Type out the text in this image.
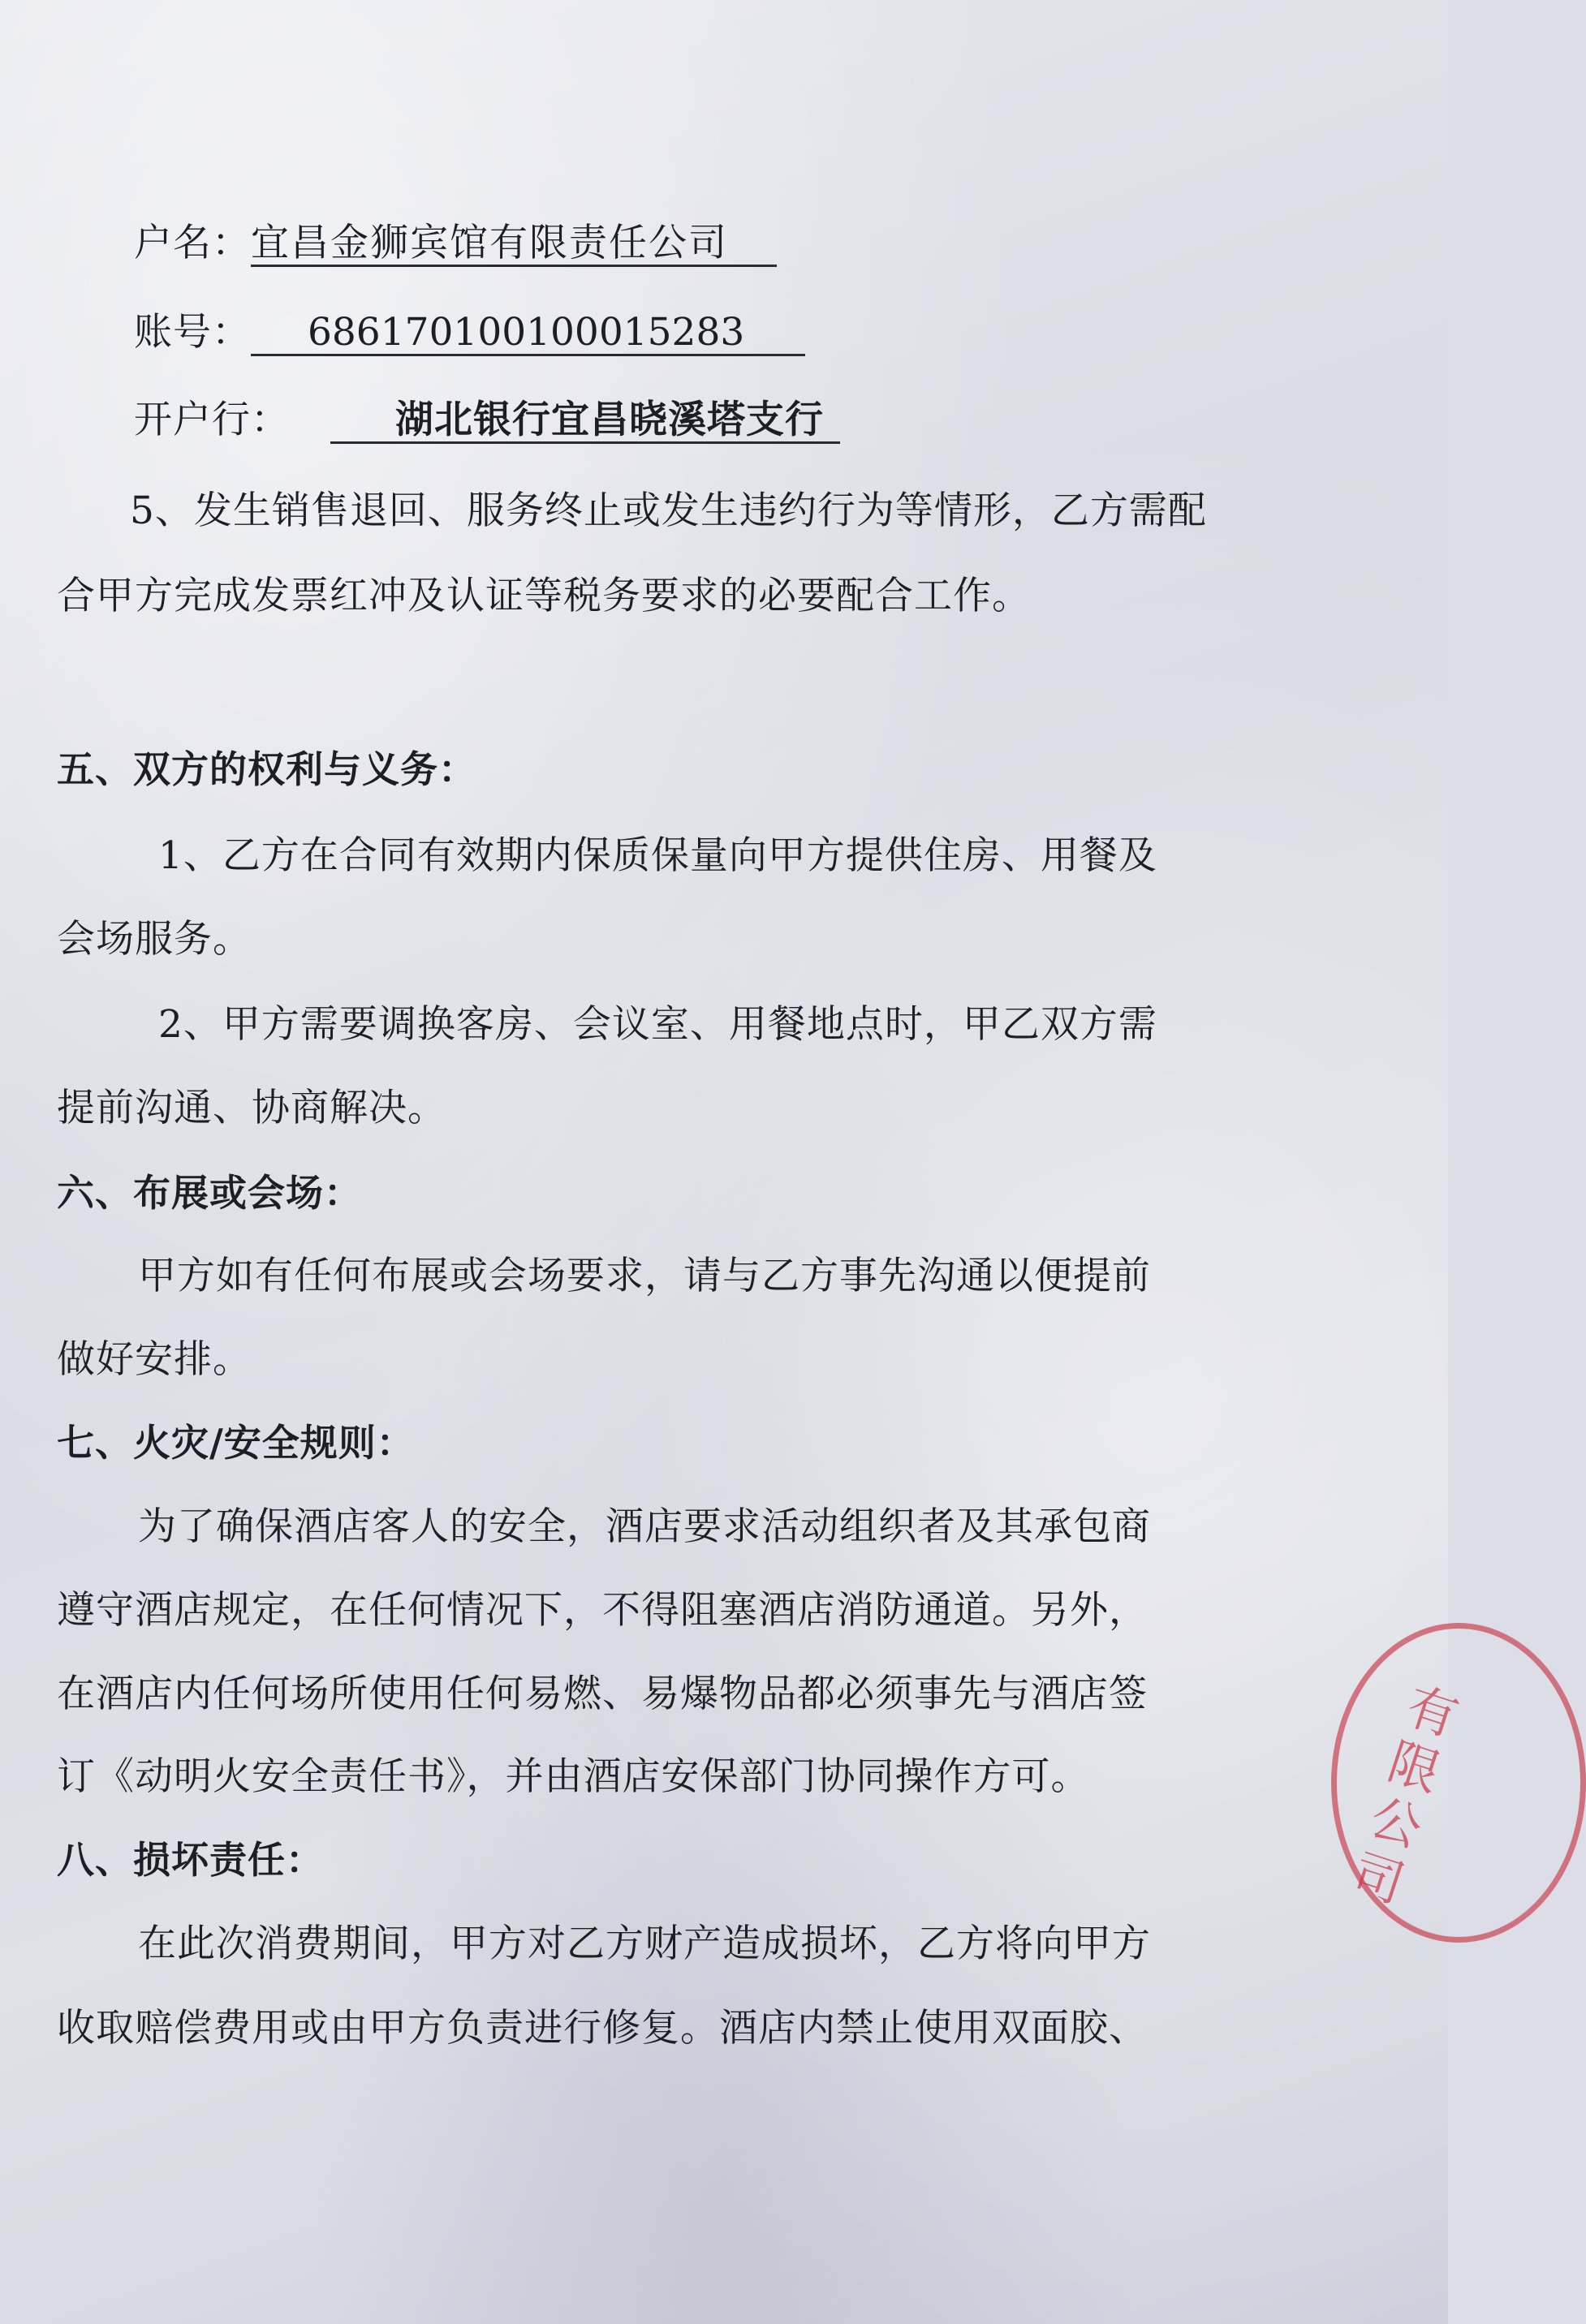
户名：宜昌金狮宾馆有限责任公司
账号： 686170100100015283
开户行：	湖北银行宜昌晓溪塔支行
5、发生销售退回、服务终止或发生违约行为等情形，乙方需配
合甲方完成发票红冲及认证等税务要求的必要配合工作。
五、双方的权利与义务：
1、乙方在合同有效期内保质保量向甲方提供住房、用餐及
会场服务。
2、甲方需要调换客房、会议室、用餐地点时，甲乙双方需
提前沟通、协商解决。
六、布展或会场：
甲方如有任何布展或会场要求，请与乙方事先沟通以便提前
做好安排。
七、火灾/安全规则：
为了确保酒店客人的安全，酒店要求活动组织者及其承包商
遵守酒店规定，在任何情况下，不得阻塞酒店消防通道。另外，
在酒店内任何场所使用任何易燃、易爆物品都必须事先与酒店签
订《动明火安全责任书》，并由酒店安保部门协同操作方可。
八、损坏责任：
在此次消费期间，甲方对乙方财产造成损坏，乙方将向甲方
收取赔偿费用或由甲方负责进行修复。酒店内禁止使用双面胶、
有限公司
